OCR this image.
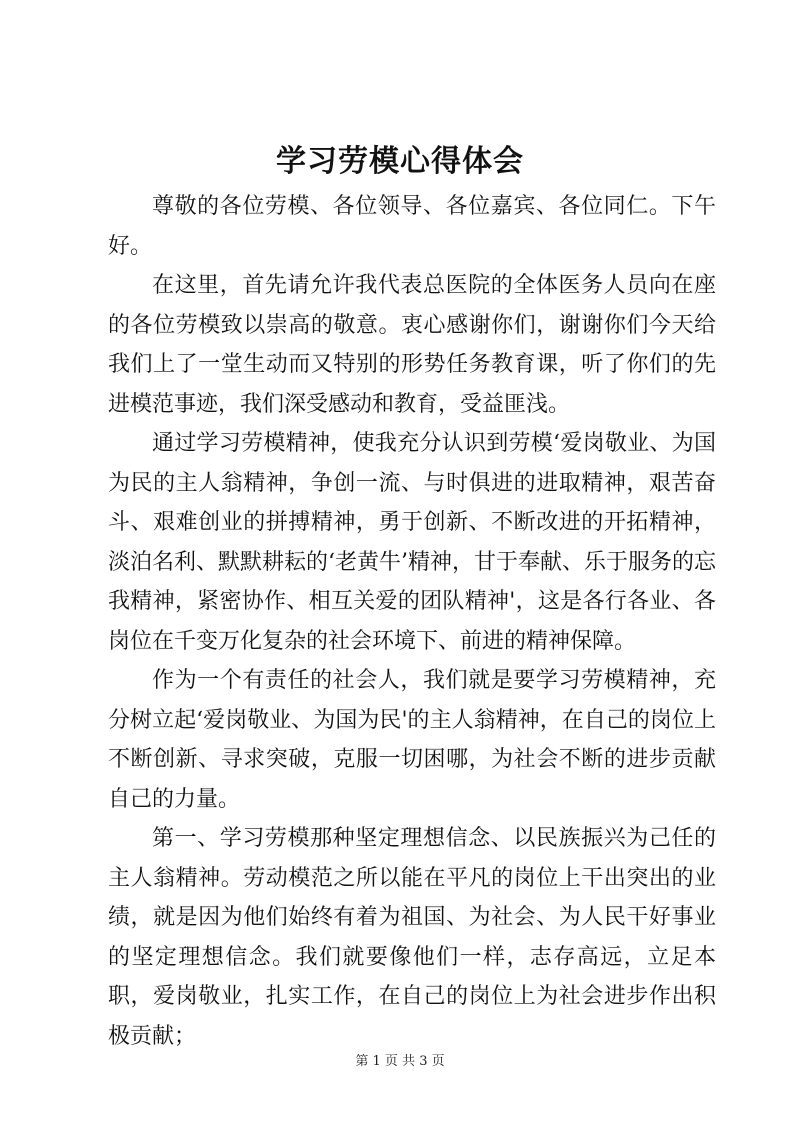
学习劳模心得体会

尊敬的各位劳模、各位领导、各位嘉宾、各位同仁。下午好。

在这里，首先请允许我代表总医院的全体医务人员向在座的各位劳模致以崇高的敬意。衷心感谢你们，谢谢你们今天给我们上了一堂生动而又特别的形势任务教育课，听了你们的先进模范事迹，我们深受感动和教育，受益匪浅。

通过学习劳模精神，使我充分认识到劳模‘爱岗敬业、为国为民的主人翁精神，争创一流、与时俱进的进取精神，艰苦奋斗、艰难创业的拼搏精神，勇于创新、不断改进的开拓精神，淡泊名利、默默耕耘的‘老黄牛’精神，甘于奉献、乐于服务的忘我精神，紧密协作、相互关爱的团队精神'，这是各行各业、各岗位在千变万化复杂的社会环境下、前进的精神保障。

作为一个有责任的社会人，我们就是要学习劳模精神，充分树立起‘爱岗敬业、为国为民'的主人翁精神，在自己的岗位上不断创新、寻求突破，克服一切困哪，为社会不断的进步贡献自己的力量。

第一、学习劳模那种坚定理想信念、以民族振兴为己任的主人翁精神。劳动模范之所以能在平凡的岗位上干出突出的业绩，就是因为他们始终有着为祖国、为社会、为人民干好事业的坚定理想信念。我们就要像他们一样，志存高远，立足本职，爱岗敬业，扎实工作，在自己的岗位上为社会进步作出积极贡献；

第 1 页 共 3 页
